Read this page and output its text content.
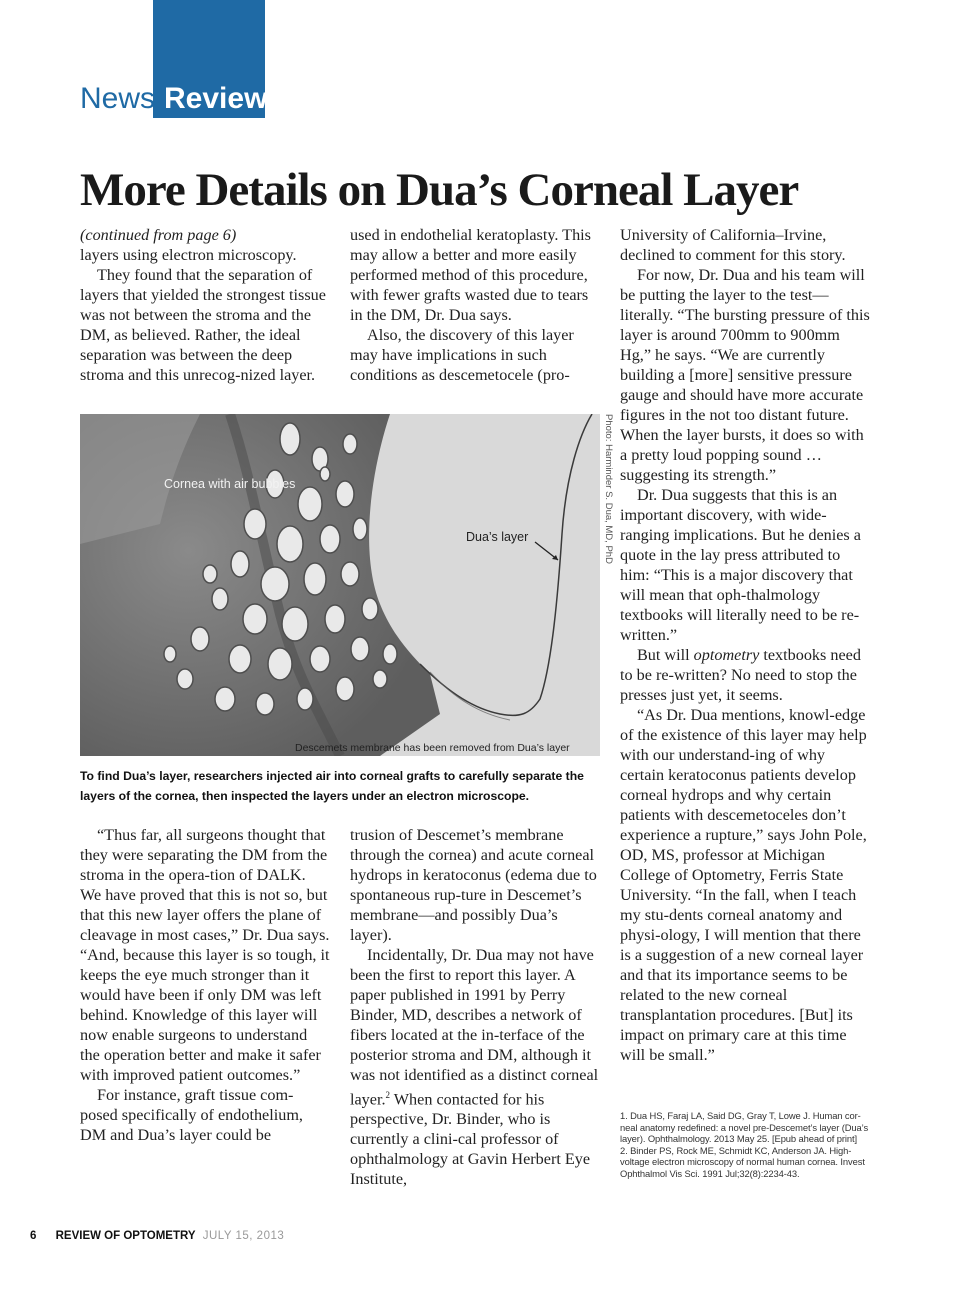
News Review
More Details on Dua’s Corneal Layer

(continued from page 6)

layers using electron microscopy.

They found that the separation of layers that yielded the strongest tissue was not between the stroma and the DM, as believed. Rather, the ideal separation was between the deep stroma and this unrecog-nized layer.

used in endothelial keratoplasty. This may allow a better and more easily performed method of this procedure, with fewer grafts wasted due to tears in the DM, Dr. Dua says.

Also, the discovery of this layer may have implications in such conditions as descemetocele (pro-

Cornea with air bubbles
Dua’s layer
Descemets membrane has been removed from Dua’s layer
Photo: Harminder S. Dua, MD, PhD
To find Dua’s layer, researchers injected air into corneal grafts to carefully separate the layers of the cornea, then inspected the layers under an electron microscope.

“Thus far, all surgeons thought that they were separating the DM from the stroma in the opera-tion of DALK. We have proved that this is not so, but that this new layer offers the plane of cleavage in most cases,” Dr. Dua says. “And, because this layer is so tough, it keeps the eye much stronger than it would have been if only DM was left behind. Knowledge of this layer will now enable surgeons to understand the operation better and make it safer with improved patient outcomes.”

For instance, graft tissue com-posed specifically of endothelium, DM and Dua’s layer could be

trusion of Descemet’s membrane through the cornea) and acute corneal hydrops in keratoconus (edema due to spontaneous rup-ture in Descemet’s membrane—and possibly Dua’s layer).

Incidentally, Dr. Dua may not have been the first to report this layer. A paper published in 1991 by Perry Binder, MD, describes a network of fibers located at the in-terface of the posterior stroma and DM, although it was not identified as a distinct corneal layer.$^2$ When contacted for his perspective, Dr. Binder, who is currently a clini-cal professor of ophthalmology at Gavin Herbert Eye Institute,

University of California–Irvine, declined to comment for this story.

For now, Dr. Dua and his team will be putting the layer to the test—literally. “The bursting pressure of this layer is around 700mm to 900mm Hg,” he says. “We are currently building a [more] sensitive pressure gauge and should have more accurate figures in the not too distant future. When the layer bursts, it does so with a pretty loud popping sound … suggesting its strength.”

Dr. Dua suggests that this is an important discovery, with wide-ranging implications. But he denies a quote in the lay press attributed to him: “This is a major discovery that will mean that oph-thalmology textbooks will literally need to be re-written.”

But will optometry textbooks need to be re-written? No need to stop the presses just yet, it seems.

“As Dr. Dua mentions, knowl-edge of the existence of this layer may help with our understand-ing of why certain keratoconus patients develop corneal hydrops and why certain patients with descemetoceles don’t experience a rupture,” says John Pole, OD, MS, professor at Michigan College of Optometry, Ferris State University. “In the fall, when I teach my stu-dents corneal anatomy and physi-ology, I will mention that there is a suggestion of a new corneal layer and that its importance seems to be related to the new corneal transplantation procedures. [But] its impact on primary care at this time will be small.”

1. Dua HS, Faraj LA, Said DG, Gray T, Lowe J. Human cor-neal anatomy redefined: a novel pre-Descemet’s layer (Dua’s layer). Ophthalmology. 2013 May 25. [Epub ahead of print]

2. Binder PS, Rock ME, Schmidt KC, Anderson JA. High-voltage electron microscopy of normal human cornea. Invest Ophthalmol Vis Sci. 1991 Jul;32(8):2234-43.

6 REVIEW OF OPTOMETRY JULY 15, 2013
